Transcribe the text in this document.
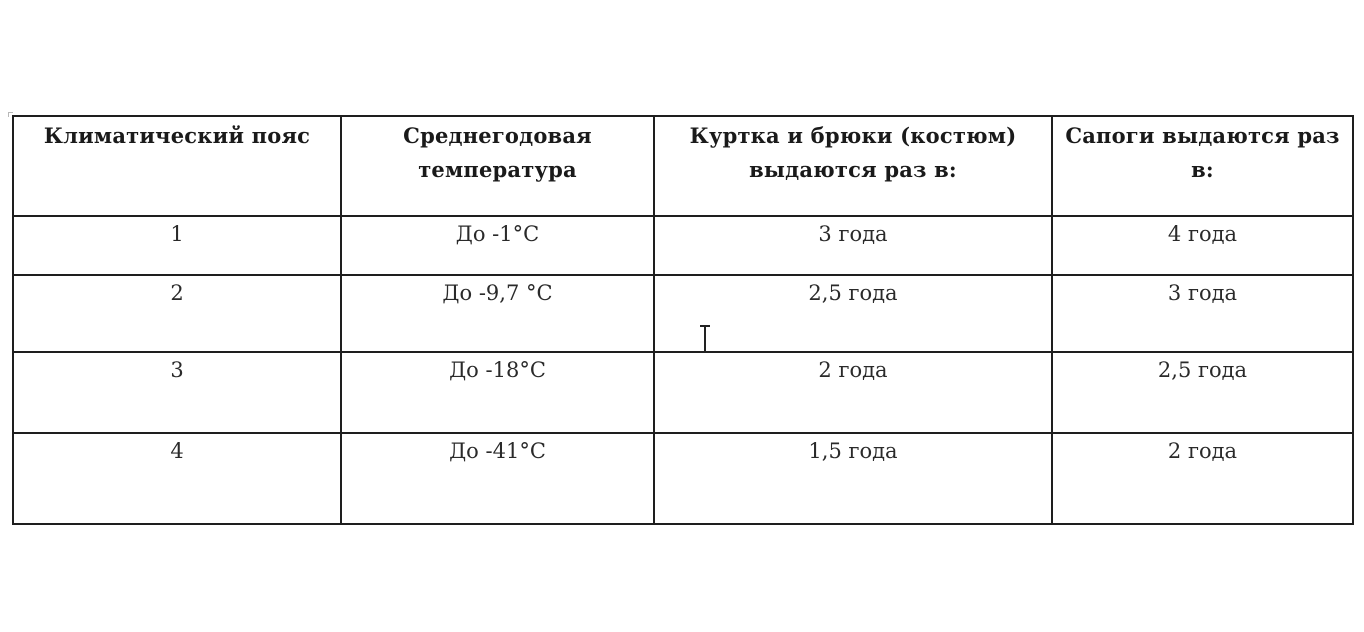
Климатический пояс	Среднегодовая температура	Куртка и брюки (костюм) выдаются раз в:	Сапоги выдаются раз в:
1	До -1°С	3 года	4 года
2	До -9,7 °С	2,5 года	3 года
3	До -18°С	2 года	2,5 года
4	До -41°С	1,5 года	2 года
